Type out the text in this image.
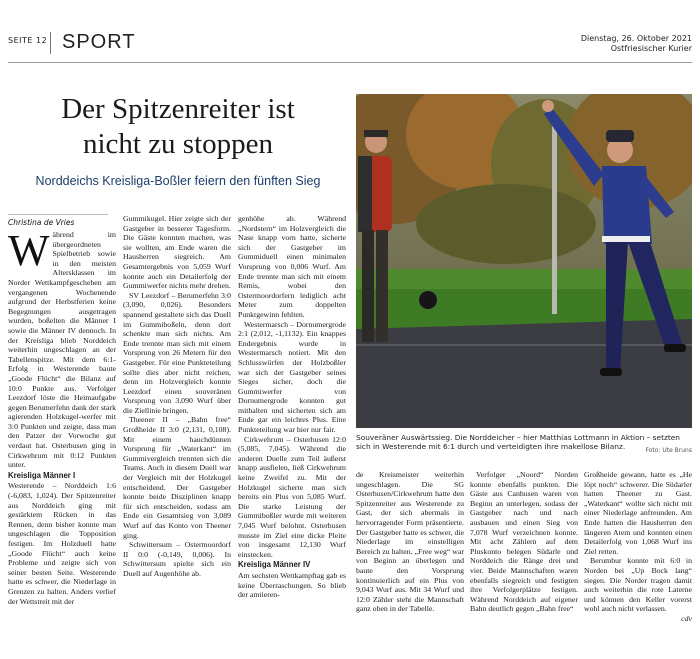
SEITE 12 SPORT	Dienstag, 26. Oktober 2021
Ostfriesischer Kurier
Der Spitzenreiter ist
nicht zu stoppen
Norddeichs Kreisliga-Boßler feiern den fünften Sieg
Christina de Vries

Während im übergeordneten Spielbetrieb sowie in den meisten Altersklassen im Norder Wettkampfgeschehen am vergangenen Wochenende aufgrund der Herbstferien keine Begegnungen ausgetragen wurden, boßelten die Männer I sowie die Männer IV dennoch. In der Kreisliga blieb Norddeich weiterhin ungeschlagen an der Tabellenspitze. Mit dem 6:1-Erfolg in Westerende baute „Goode Flücht“ die Bilanz auf 10:0 Punkte aus. Verfolger Leezdorf löste die Heimaufgabe gegen Berumerfehn dank der stark agierenden Holzkugel-werfer mit 3:0 Punkten und zeigte, dass man den Patzer der Vorwoche gut verdaut hat. Osterhusen ging in Cirkwehrum mit 0:12 Punkten unter.

Kreisliga Männer I

Westerende – Norddeich 1:6 (-6,083, 1,024). Der Spitzenreiter aus Norddeich ging mit gestärktem Rücken in das Rennen, denn bisher konnte man ungeschlagen die Topposition festigen. Im Holzduell hatte „Goode Flücht“ auch keine Probleme und zeigte sich von seiner besten Seite. Westerende hatte es schwer, die Niederlage in Grenzen zu halten. Anders verlief der Wettstreit mit der

Gummikugel. Hier zeigte sich der Gastgeber in besserer Tagesform. Die Gäste konnten machen, was sie wollten, am Ende waren die Hausherren siegreich. Am Gesamtergebnis von 5,059 Wurf konnte auch ein Detailerfolg der Gummiwerfer nichts mehr drehen.

SV Leezdorf – Berumerfehn 3:0 (3,090, 0,026). Besonders spannend gestaltete sich das Duell im Gummiboßeln, denn dort schenkte man sich nichts. Am Ende trennte man sich mit einem Vorsprung von 26 Metern für den Gastgeber. Für eine Punkteteilung sollte dies aber nicht reichen, denn im Holzvergleich konnte Leezdorf einen souveränen Vorsprung von 3,090 Wurf über die Ziellinie bringen.

Theener II – „Bahn free“ Großheide II 3:0 (2,131, 0,108). Mit einem hauchdünnen Vorsprung für „Waterkant“ im Gummivergleich trennten sich die Teams. Auch in diesem Duell war der Vergleich mit der Holzkugel entscheidend. Der Gastgeber konnte beide Disziplinen knapp für sich entscheiden, sodass am Ende ein Gesamtsieg von 3,089 Wurf auf das Konto von Theener ging.

Schwittersum – Ostermoordorf II 0:0 (-0,149, 0,006). In Schwittersum spielte sich ein Duell auf Augenhöhe ab.

genhöhe ab. Während „Nordstern“ im Holzvergleich die Nase knapp vorn hatte, sicherte sich der Gastgeber im Gummiduell einen minimalen Vorsprung von 0,006 Wurf. Am Ende trennte man sich mit einem Remis, wobei den Ostermoordorfern lediglich acht Meter zum doppelten Punktgewinn fehlten.

Westermarsch – Dornumergrode 2:1 (2,012, -1,1132). Ein knappes Endergebnis wurde in Westermarsch notiert. Mit den Schlusswürfen der Holzboßler war sich der Gastgeber seines Sieges sicher, doch die Gummiwerfer von Dornumergrode konnten gut mithalten und sicherten sich am Ende gar ein leichtes Plus. Eine Punkteteilung war hier nur fair.

Cirkwehrum – Osterhusen 12:0 (5,085, 7,045). Während die anderen Duelle zum Teil äußerst knapp ausfielen, ließ Cirkwehrum keine Zweifel zu. Mit der Holzkugel sicherte man sich bereits ein Plus von 5,085 Wurf. Die starke Leistung der Gummiboßler wurde mit weiteren 7,045 Wurf belohnt. Osterhusen musste im Ziel eine dicke Pleite von insgesamt 12,130 Wurf einstecken.

Kreisliga Männer IV

Am sechsten Wettkampftag gab es keine Überraschungen. So blieb der amtieren-

Souveräner Auswärtssieg. Die Norddeicher – hier Matthias Lottmann in Aktion – setzten sich in Westerende mit 6:1 durch und verteidigten ihre makellose Bilanz.	Foto: Ute Bruns

de Kreismeister weiterhin ungeschlagen. Die SG Osterhusen/Cirkwehrum hatte den Spitzenreiter aus Westerende zu Gast, der sich abermals in hervorragender Form präsentierte. Der Gastgeber hatte es schwer, die Niederlage im einstelligen Bereich zu halten. „Free weg“ war von Beginn an überlegen und baute den Vorsprung kontinuierlich auf ein Plus von 9,043 Wurf aus. Mit 34 Wurf und 12:0 Zähler steht die Mannschaft ganz oben in der Tabelle.

Verfolger „Noord“ Norden konnte ebenfalls punkten. Die Gäste aus Canhusen waren von Beginn an unterlegen, sodass der Gastgeber nach und nach ausbauen und einen Sieg von 7,078 Wurf verzeichnen konnte. Mit acht Zählern auf dem Pluskonto belegen Südarle und Norddeich die Ränge drei und vier. Beide Mannschaften waren ebenfalls siegreich und festigten ihre Verfolgerplätze festigen. Während Norddeich auf eigener Bahn deutlich gegen „Bahn free“

Großheide gewann, hatte es „He löpt noch“ schwerer. Die Südarler hatten Theener zu Gast. „Waterkant“ wollte sich nicht mit einer Niederlage anfreunden. Am Ende hatten die Hausherren den längeren Atem und konnten einen Detailerfolg von 1,068 Wurf ins Ziel retten.

Berumbur konnte mit 6:0 in Norden bei „Up Bock lang“ siegen. Die Norder tragen damit auch weiterhin die rote Laterne und können den Keller vorerst wohl auch nicht verlassen.

cdv
